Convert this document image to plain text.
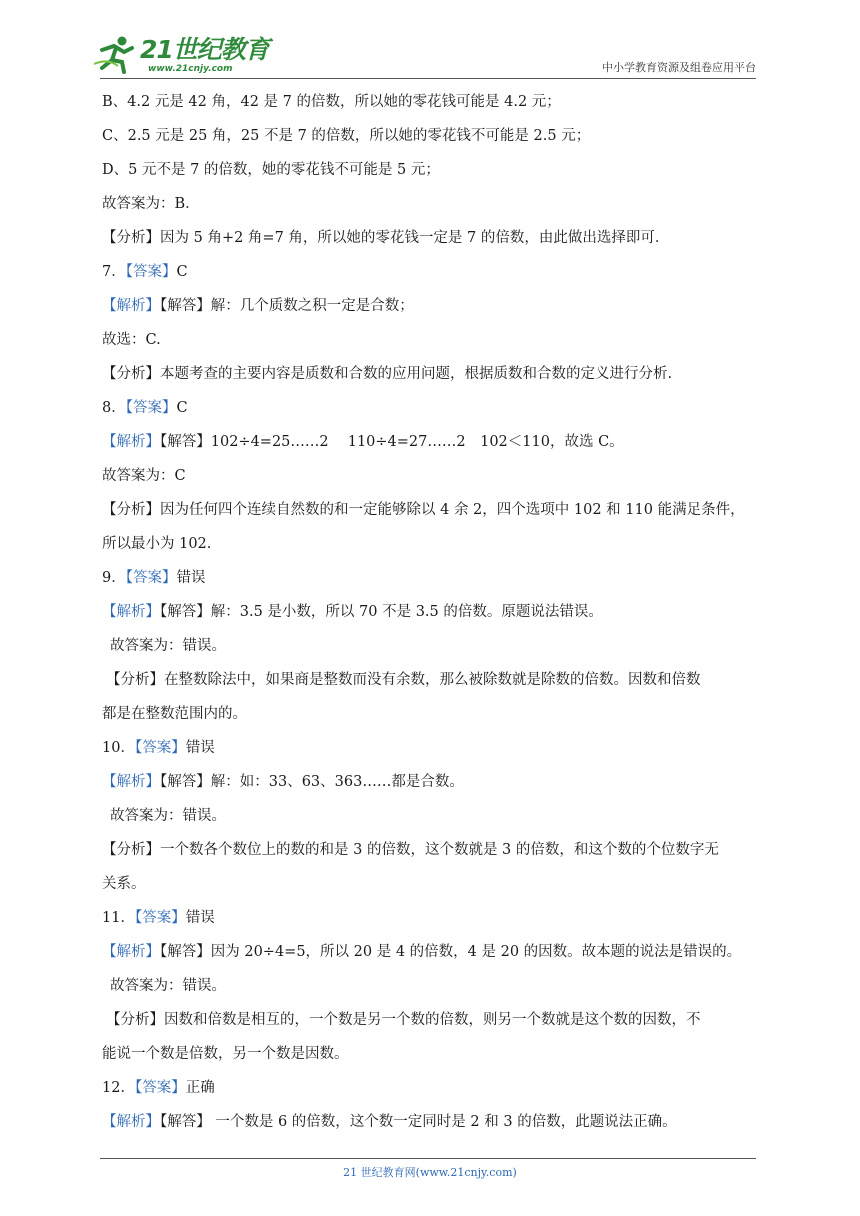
21世纪教育
www.21cnjy.com	中小学教育资源及组卷应用平台
B、4.2 元是 42 角，42 是 7 的倍数，所以她的零花钱可能是 4.2 元；
C、2.5 元是 25 角，25 不是 7 的倍数，所以她的零花钱不可能是 2.5 元；
D、5 元不是 7 的倍数，她的零花钱不可能是 5 元；
故答案为：B．
【分析】因为 5 角+2 角=7 角，所以她的零花钱一定是 7 的倍数，由此做出选择即可．
7．【答案】C
【解析】【解答】解：几个质数之积一定是合数；
故选：C.
【分析】本题考查的主要内容是质数和合数的应用问题，根据质数和合数的定义进行分析.
8．【答案】C
【解析】【解答】102÷4=25……2　 110÷4=27……2　102＜110，故选 C。
故答案为：C
【分析】因为任何四个连续自然数的和一定能够除以 4 余 2，四个选项中 102 和 110 能满足条件，
所以最小为 102.
9．【答案】错误
【解析】【解答】解：3.5 是小数，所以 70 不是 3.5 的倍数。原题说法错误。
故答案为：错误。
【分析】在整数除法中，如果商是整数而没有余数，那么被除数就是除数的倍数。因数和倍数
都是在整数范围内的。
10．【答案】错误
【解析】【解答】解：如：33、63、363……都是合数。
故答案为：错误。
【分析】一个数各个数位上的数的和是 3 的倍数，这个数就是 3 的倍数，和这个数的个位数字无
关系。
11．【答案】错误
【解析】【解答】因为 20÷4=5，所以 20 是 4 的倍数，4 是 20 的因数。故本题的说法是错误的。
故答案为：错误。
【分析】因数和倍数是相互的，一个数是另一个数的倍数，则另一个数就是这个数的因数，不
能说一个数是倍数，另一个数是因数。
12．【答案】正确
【解析】【解答】 一个数是 6 的倍数，这个数一定同时是 2 和 3 的倍数，此题说法正确。
21 世纪教育网(www.21cnjy.com)
